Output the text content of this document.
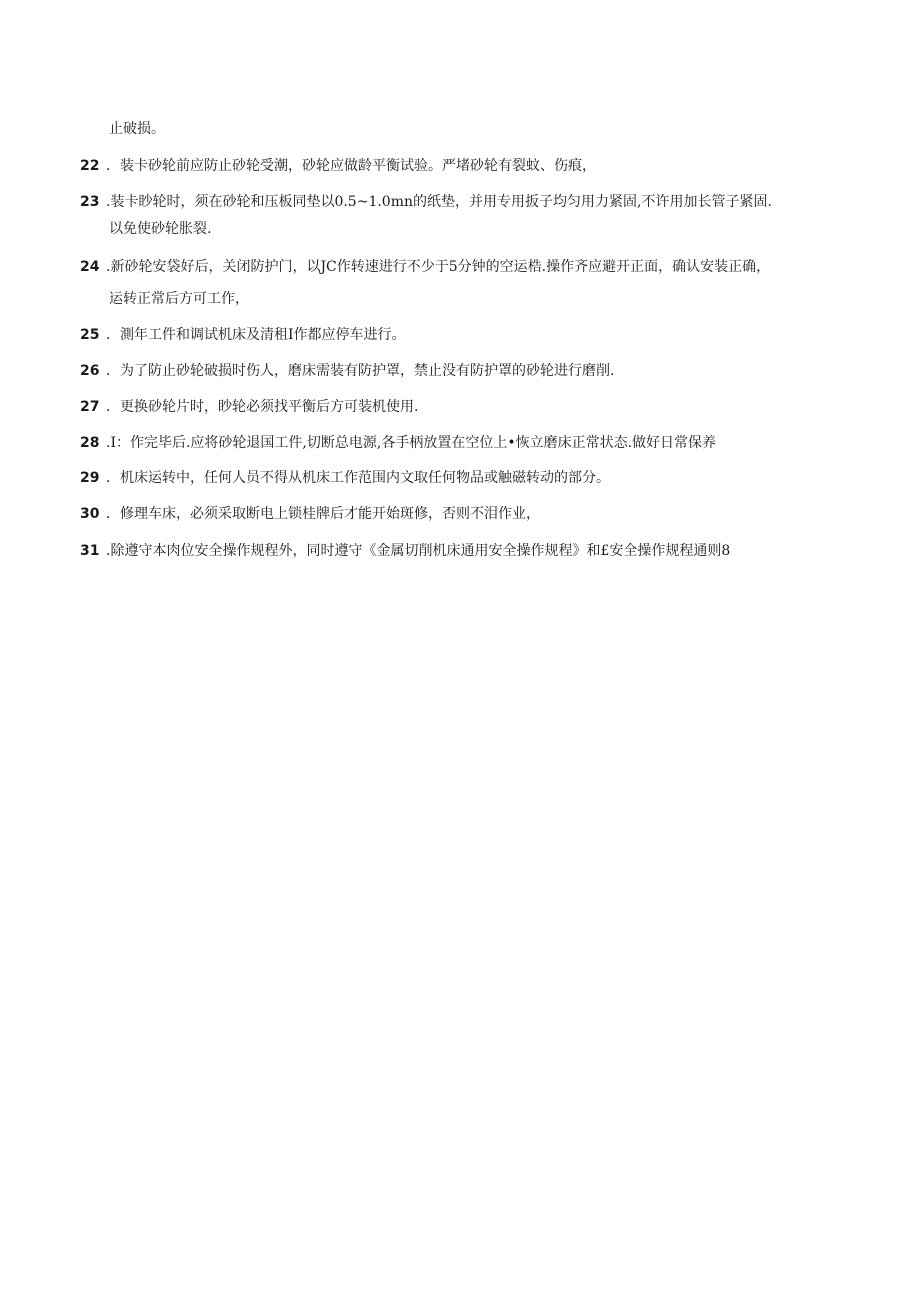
止破损。
22 ．装卡砂轮前应防止砂轮受潮，砂轮应做龄平衡试验。严堵砂轮有裂蚊、伤痕，
23 .装卡眇轮时，须在砂轮和压板同垫以0.5~1.0mn的纸垫，并用专用扳子均匀用力紧固,不许用加长管子紧固.
以免使砂轮胀裂.
24 .新砂轮安袋好后，关闭防护门，以JC作转速进行不少于5分钟的空运梏.操作齐应避开正面，确认安装正确，
运转正常后方可工作，
25 ．測年工件和调试机床及清租I作都应停车进行。
26 ．为了防止砂轮破损时伤人，磨床需装有防护罩，禁止没有防护罩的砂轮进行磨削.
27 ．更换砂轮片时，眇轮必须找平衡后方可装机使用.
28 .I：作完毕后.应将砂轮退国工件,切断总电源,各手柄放置在空位上•恢立磨床正常状态.做好日常保养
29 ．机床运转中，任何人员不得从机床工作范围内文取任何物品或触磁转动的部分。
30 ．修理车床，必须采取断电上锁桂牌后才能开始斑修，否则不泪作业，
31 .除遵守本肉位安全操作规程外，同时遵守《金属切削机床通用安全操作规程》和£安全操作规程通则8
